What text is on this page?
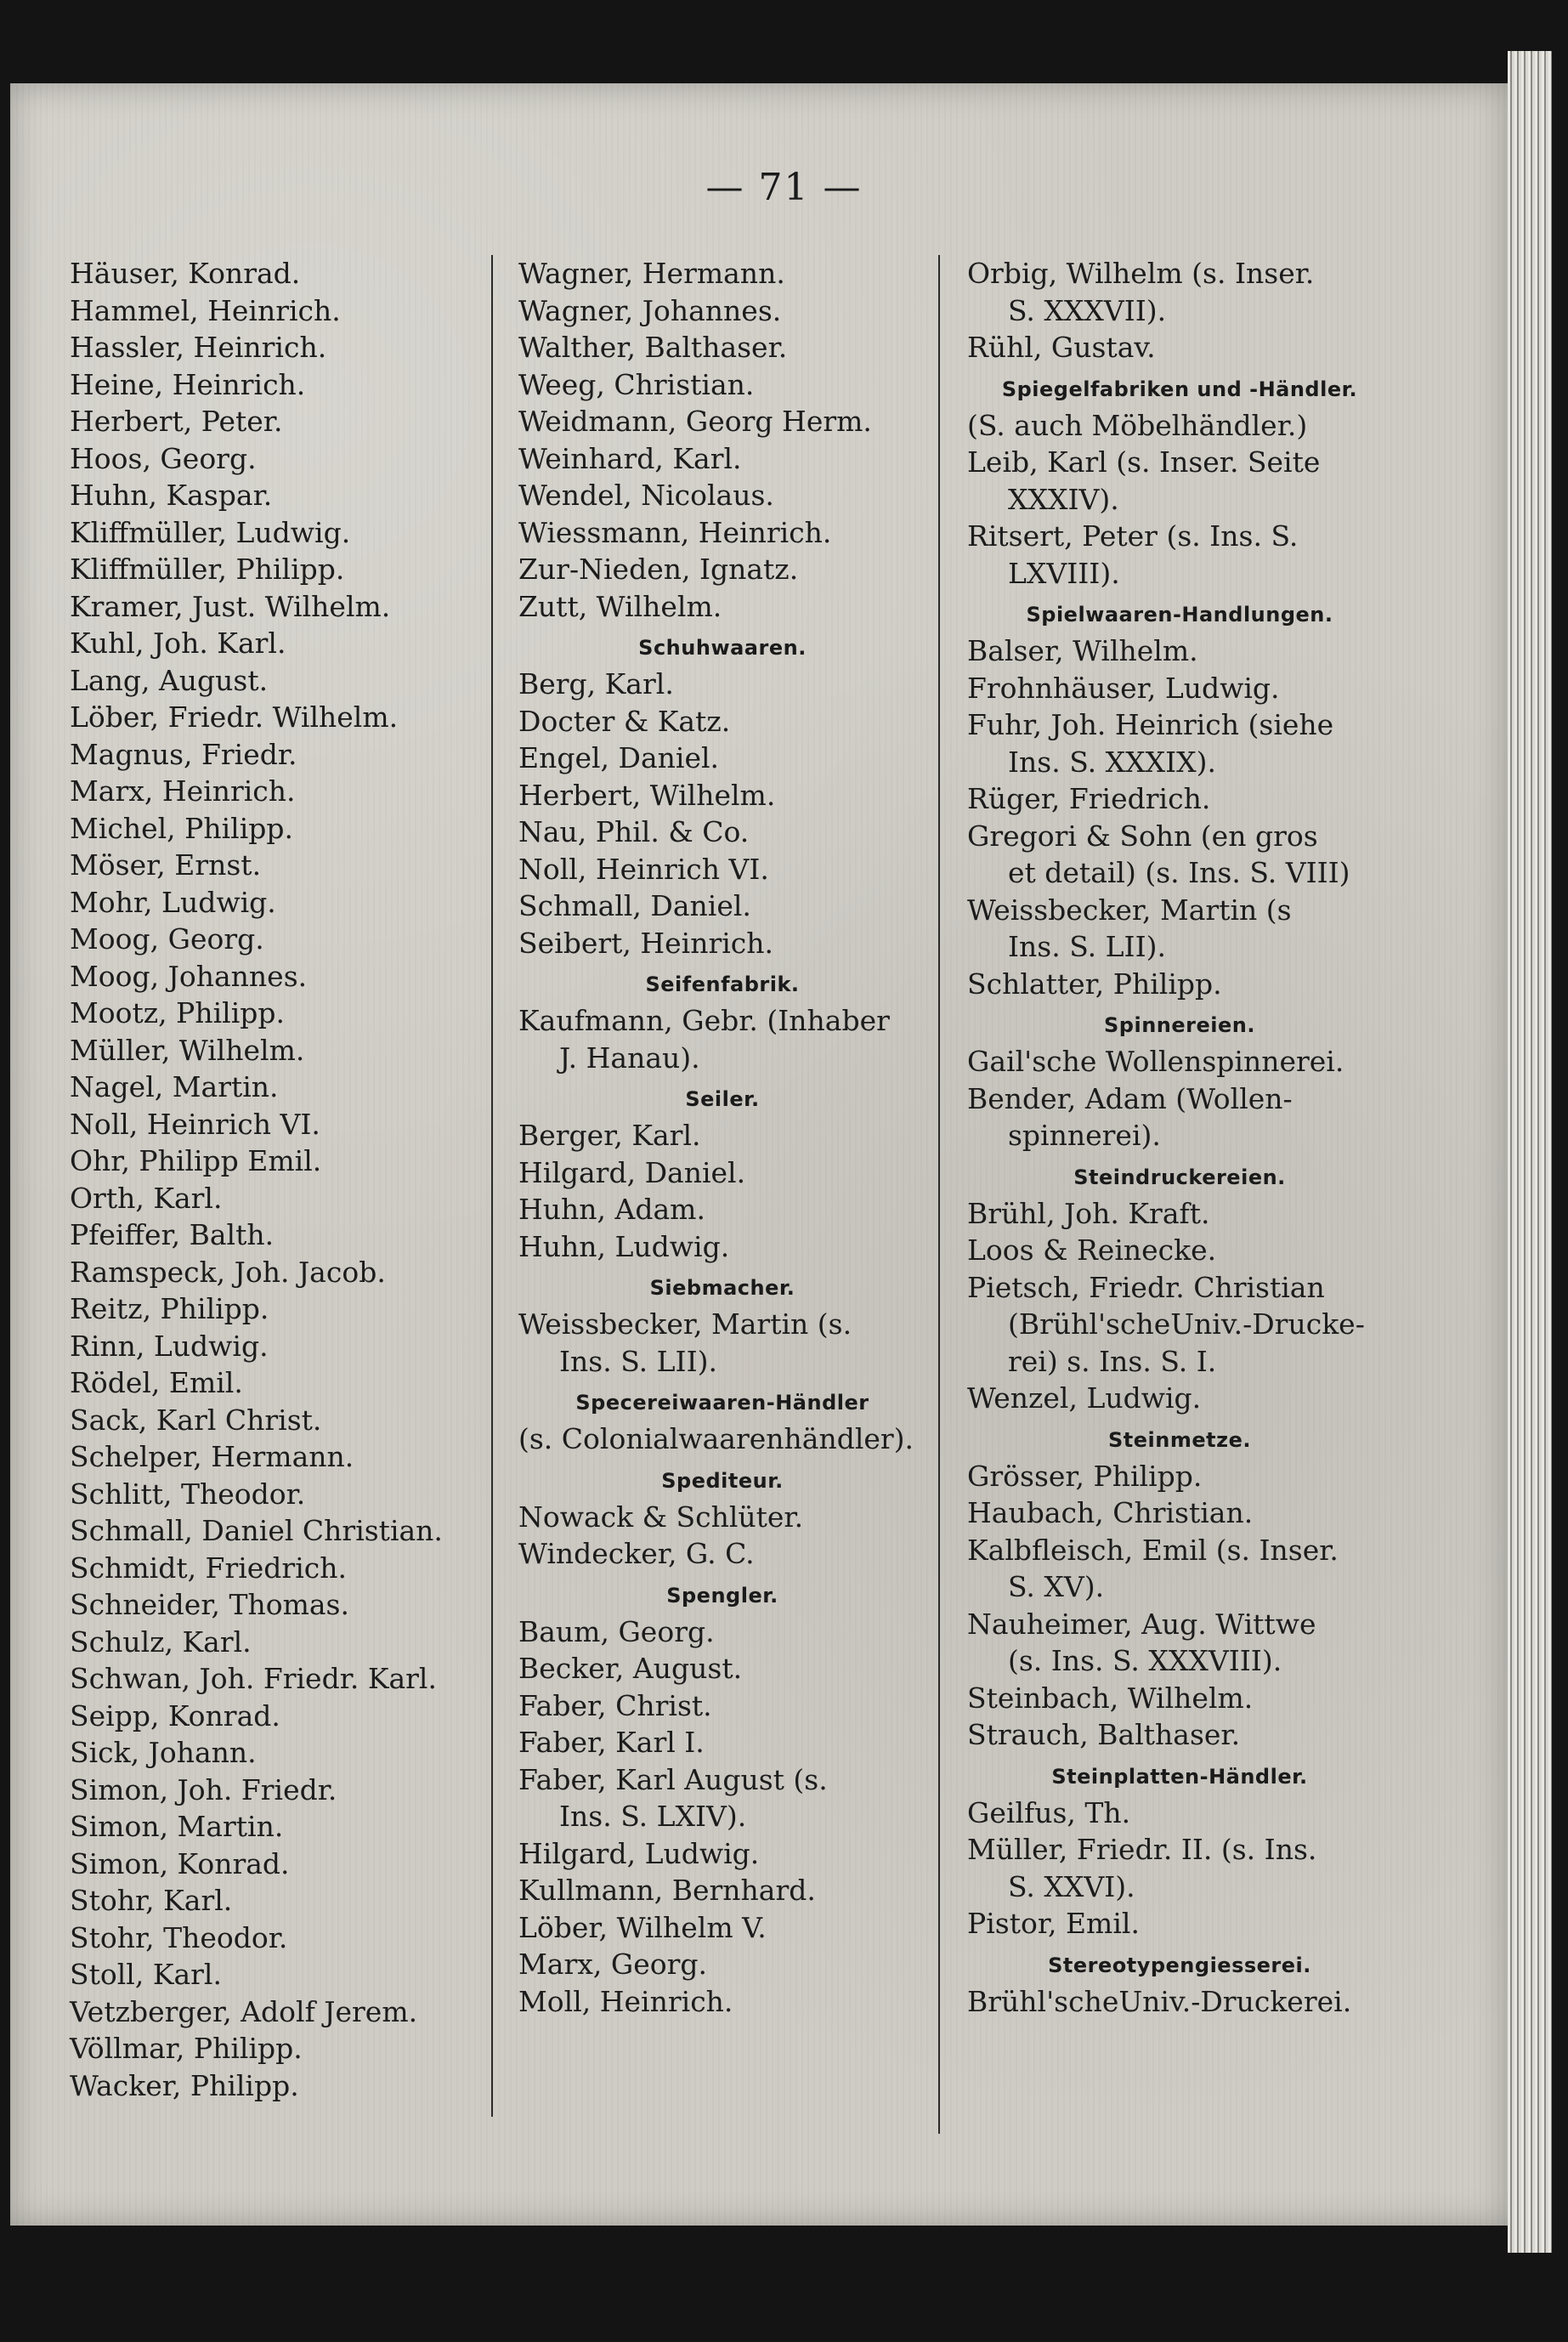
— 71 —
Häuser, Konrad.
Hammel, Heinrich.
Hassler, Heinrich.
Heine, Heinrich.
Herbert, Peter.
Hoos, Georg.
Huhn, Kaspar.
Kliffmüller, Ludwig.
Kliffmüller, Philipp.
Kramer, Just. Wilhelm.
Kuhl, Joh. Karl.
Lang, August.
Löber, Friedr. Wilhelm.
Magnus, Friedr.
Marx, Heinrich.
Michel, Philipp.
Möser, Ernst.
Mohr, Ludwig.
Moog, Georg.
Moog, Johannes.
Mootz, Philipp.
Müller, Wilhelm.
Nagel, Martin.
Noll, Heinrich VI.
Ohr, Philipp Emil.
Orth, Karl.
Pfeiffer, Balth.
Ramspeck, Joh. Jacob.
Reitz, Philipp.
Rinn, Ludwig.
Rödel, Emil.
Sack, Karl Christ.
Schelper, Hermann.
Schlitt, Theodor.
Schmall, Daniel Christian.
Schmidt, Friedrich.
Schneider, Thomas.
Schulz, Karl.
Schwan, Joh. Friedr. Karl.
Seipp, Konrad.
Sick, Johann.
Simon, Joh. Friedr.
Simon, Martin.
Simon, Konrad.
Stohr, Karl.
Stohr, Theodor.
Stoll, Karl.
Vetzberger, Adolf Jerem.
Völlmar, Philipp.
Wacker, Philipp.
Wagner, Hermann.
Wagner, Johannes.
Walther, Balthaser.
Weeg, Christian.
Weidmann, Georg Herm.
Weinhard, Karl.
Wendel, Nicolaus.
Wiessmann, Heinrich.
Zur-Nieden, Ignatz.
Zutt, Wilhelm.
Schuhwaaren.
Berg, Karl.
Docter & Katz.
Engel, Daniel.
Herbert, Wilhelm.
Nau, Phil. & Co.
Noll, Heinrich VI.
Schmall, Daniel.
Seibert, Heinrich.
Seifenfabrik.
Kaufmann, Gebr. (Inhaber
J. Hanau).
Seiler.
Berger, Karl.
Hilgard, Daniel.
Huhn, Adam.
Huhn, Ludwig.
Siebmacher.
Weissbecker, Martin (s.
Ins. S. LII).
Specereiwaaren-Händler
(s. Colonialwaarenhändler).
Spediteur.
Nowack & Schlüter.
Windecker, G. C.
Spengler.
Baum, Georg.
Becker, August.
Faber, Christ.
Faber, Karl I.
Faber, Karl August (s.
Ins. S. LXIV).
Hilgard, Ludwig.
Kullmann, Bernhard.
Löber, Wilhelm V.
Marx, Georg.
Moll, Heinrich.
Orbig, Wilhelm (s. Inser.
S. XXXVII).
Rühl, Gustav.
Spiegelfabriken und -Händler.
(S. auch Möbelhändler.)
Leib, Karl (s. Inser. Seite
XXXIV).
Ritsert, Peter (s. Ins. S.
LXVIII).
Spielwaaren-Handlungen.
Balser, Wilhelm.
Frohnhäuser, Ludwig.
Fuhr, Joh. Heinrich (siehe
Ins. S. XXXIX).
Rüger, Friedrich.
Gregori & Sohn (en gros
et detail) (s. Ins. S. VIII)
Weissbecker, Martin (s
Ins. S. LII).
Schlatter, Philipp.
Spinnereien.
Gail'sche Wollenspinnerei.
Bender, Adam (Wollen-
spinnerei).
Steindruckereien.
Brühl, Joh. Kraft.
Loos & Reinecke.
Pietsch, Friedr. Christian
(Brühl'scheUniv.-Drucke-
rei) s. Ins. S. I.
Wenzel, Ludwig.
Steinmetze.
Grösser, Philipp.
Haubach, Christian.
Kalbfleisch, Emil (s. Inser.
S. XV).
Nauheimer, Aug. Wittwe
(s. Ins. S. XXXVIII).
Steinbach, Wilhelm.
Strauch, Balthaser.
Steinplatten-Händler.
Geilfus, Th.
Müller, Friedr. II. (s. Ins.
S. XXVI).
Pistor, Emil.
Stereotypengiesserei.
Brühl'scheUniv.-Druckerei.
